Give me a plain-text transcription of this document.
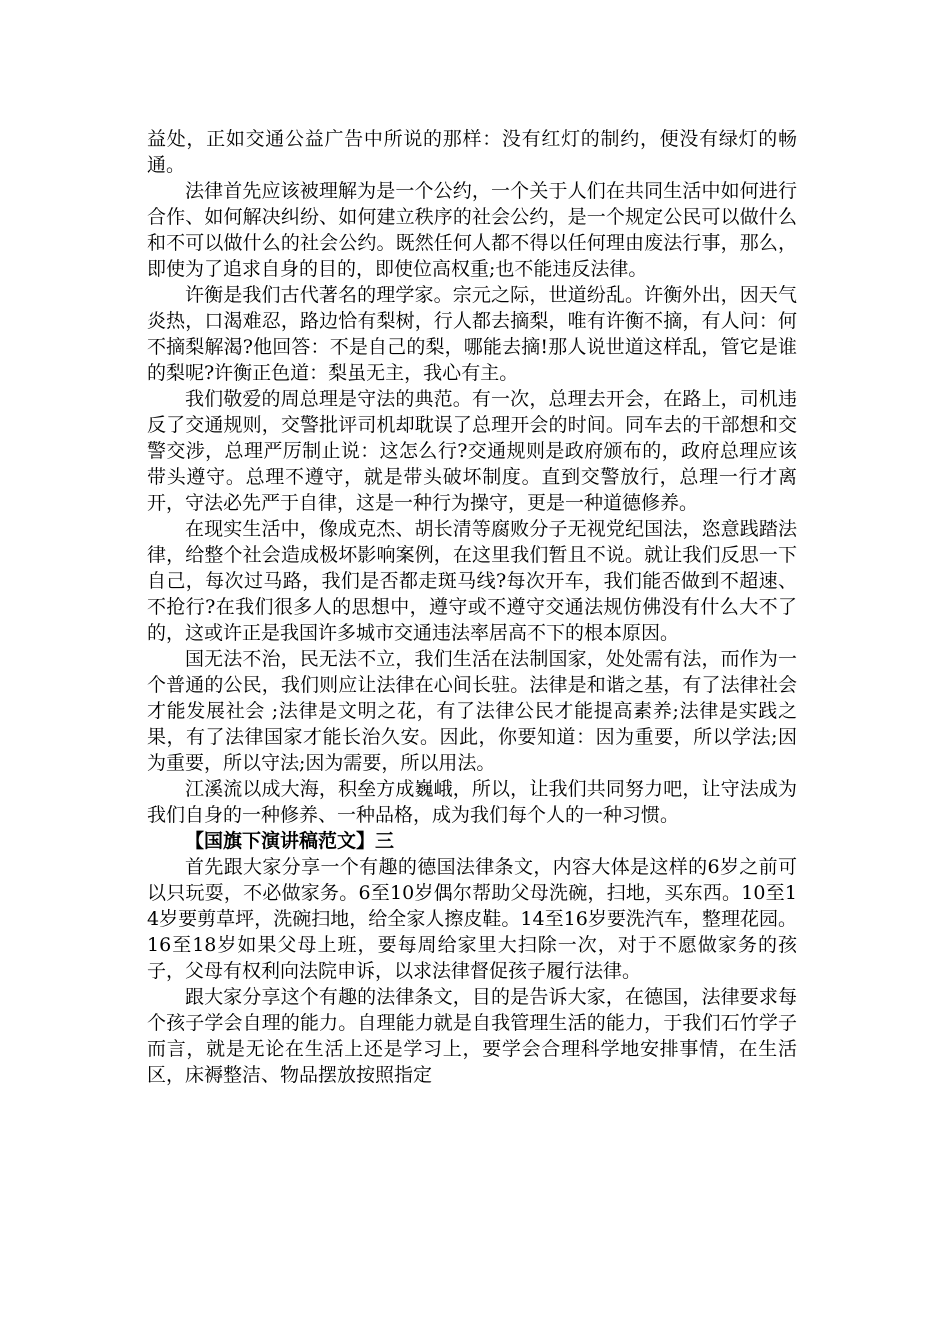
益处，正如交通公益广告中所说的那样：没有红灯的制约，便没有绿灯的畅通。

法律首先应该被理解为是一个公约，一个关于人们在共同生活中如何进行合作、如何解决纠纷、如何建立秩序的社会公约，是一个规定公民可以做什么和不可以做什么的社会公约。既然任何人都不得以任何理由废法行事，那么，即使为了追求自身的目的，即使位高权重;也不能违反法律。

许衡是我们古代著名的理学家。宗元之际，世道纷乱。许衡外出，因天气炎热，口渴难忍，路边恰有梨树，行人都去摘梨，唯有许衡不摘，有人问：何不摘梨解渴?他回答：不是自己的梨，哪能去摘!那人说世道这样乱，管它是谁的梨呢?许衡正色道：梨虽无主，我心有主。

我们敬爱的周总理是守法的典范。有一次，总理去开会，在路上，司机违反了交通规则，交警批评司机却耽误了总理开会的时间。同车去的干部想和交警交涉，总理严厉制止说：这怎么行?交通规则是政府颁布的，政府总理应该带头遵守。总理不遵守，就是带头破坏制度。直到交警放行，总理一行才离开，守法必先严于自律，这是一种行为操守，更是一种道德修养。

在现实生活中，像成克杰、胡长清等腐败分子无视党纪国法，恣意践踏法律，给整个社会造成极坏影响案例，在这里我们暂且不说。就让我们反思一下自己，每次过马路，我们是否都走斑马线?每次开车，我们能否做到不超速、不抢行?在我们很多人的思想中，遵守或不遵守交通法规仿佛没有什么大不了的，这或许正是我国许多城市交通违法率居高不下的根本原因。

国无法不治，民无法不立，我们生活在法制国家，处处需有法，而作为一个普通的公民，我们则应让法律在心间长驻。法律是和谐之基，有了法律社会才能发展社会 ;法律是文明之花，有了法律公民才能提高素养;法律是实践之果，有了法律国家才能长治久安。因此，你要知道：因为重要，所以学法;因为重要，所以守法;因为需要，所以用法。

江溪流以成大海，积垒方成巍峨，所以，让我们共同努力吧，让守法成为我们自身的一种修养、一种品格，成为我们每个人的一种习惯。

【国旗下演讲稿范文】三

首先跟大家分享一个有趣的德国法律条文，内容大体是这样的6岁之前可以只玩耍，不必做家务。6至10岁偶尔帮助父母洗碗，扫地，买东西。10至14岁要剪草坪，洗碗扫地，给全家人擦皮鞋。14至16岁要洗汽车，整理花园。16至18岁如果父母上班，要每周给家里大扫除一次，对于不愿做家务的孩子，父母有权利向法院申诉，以求法律督促孩子履行法律。

跟大家分享这个有趣的法律条文，目的是告诉大家，在德国，法律要求每个孩子学会自理的能力。自理能力就是自我管理生活的能力，于我们石竹学子而言，就是无论在生活上还是学习上，要学会合理科学地安排事情，在生活区，床褥整洁、物品摆放按照指定
